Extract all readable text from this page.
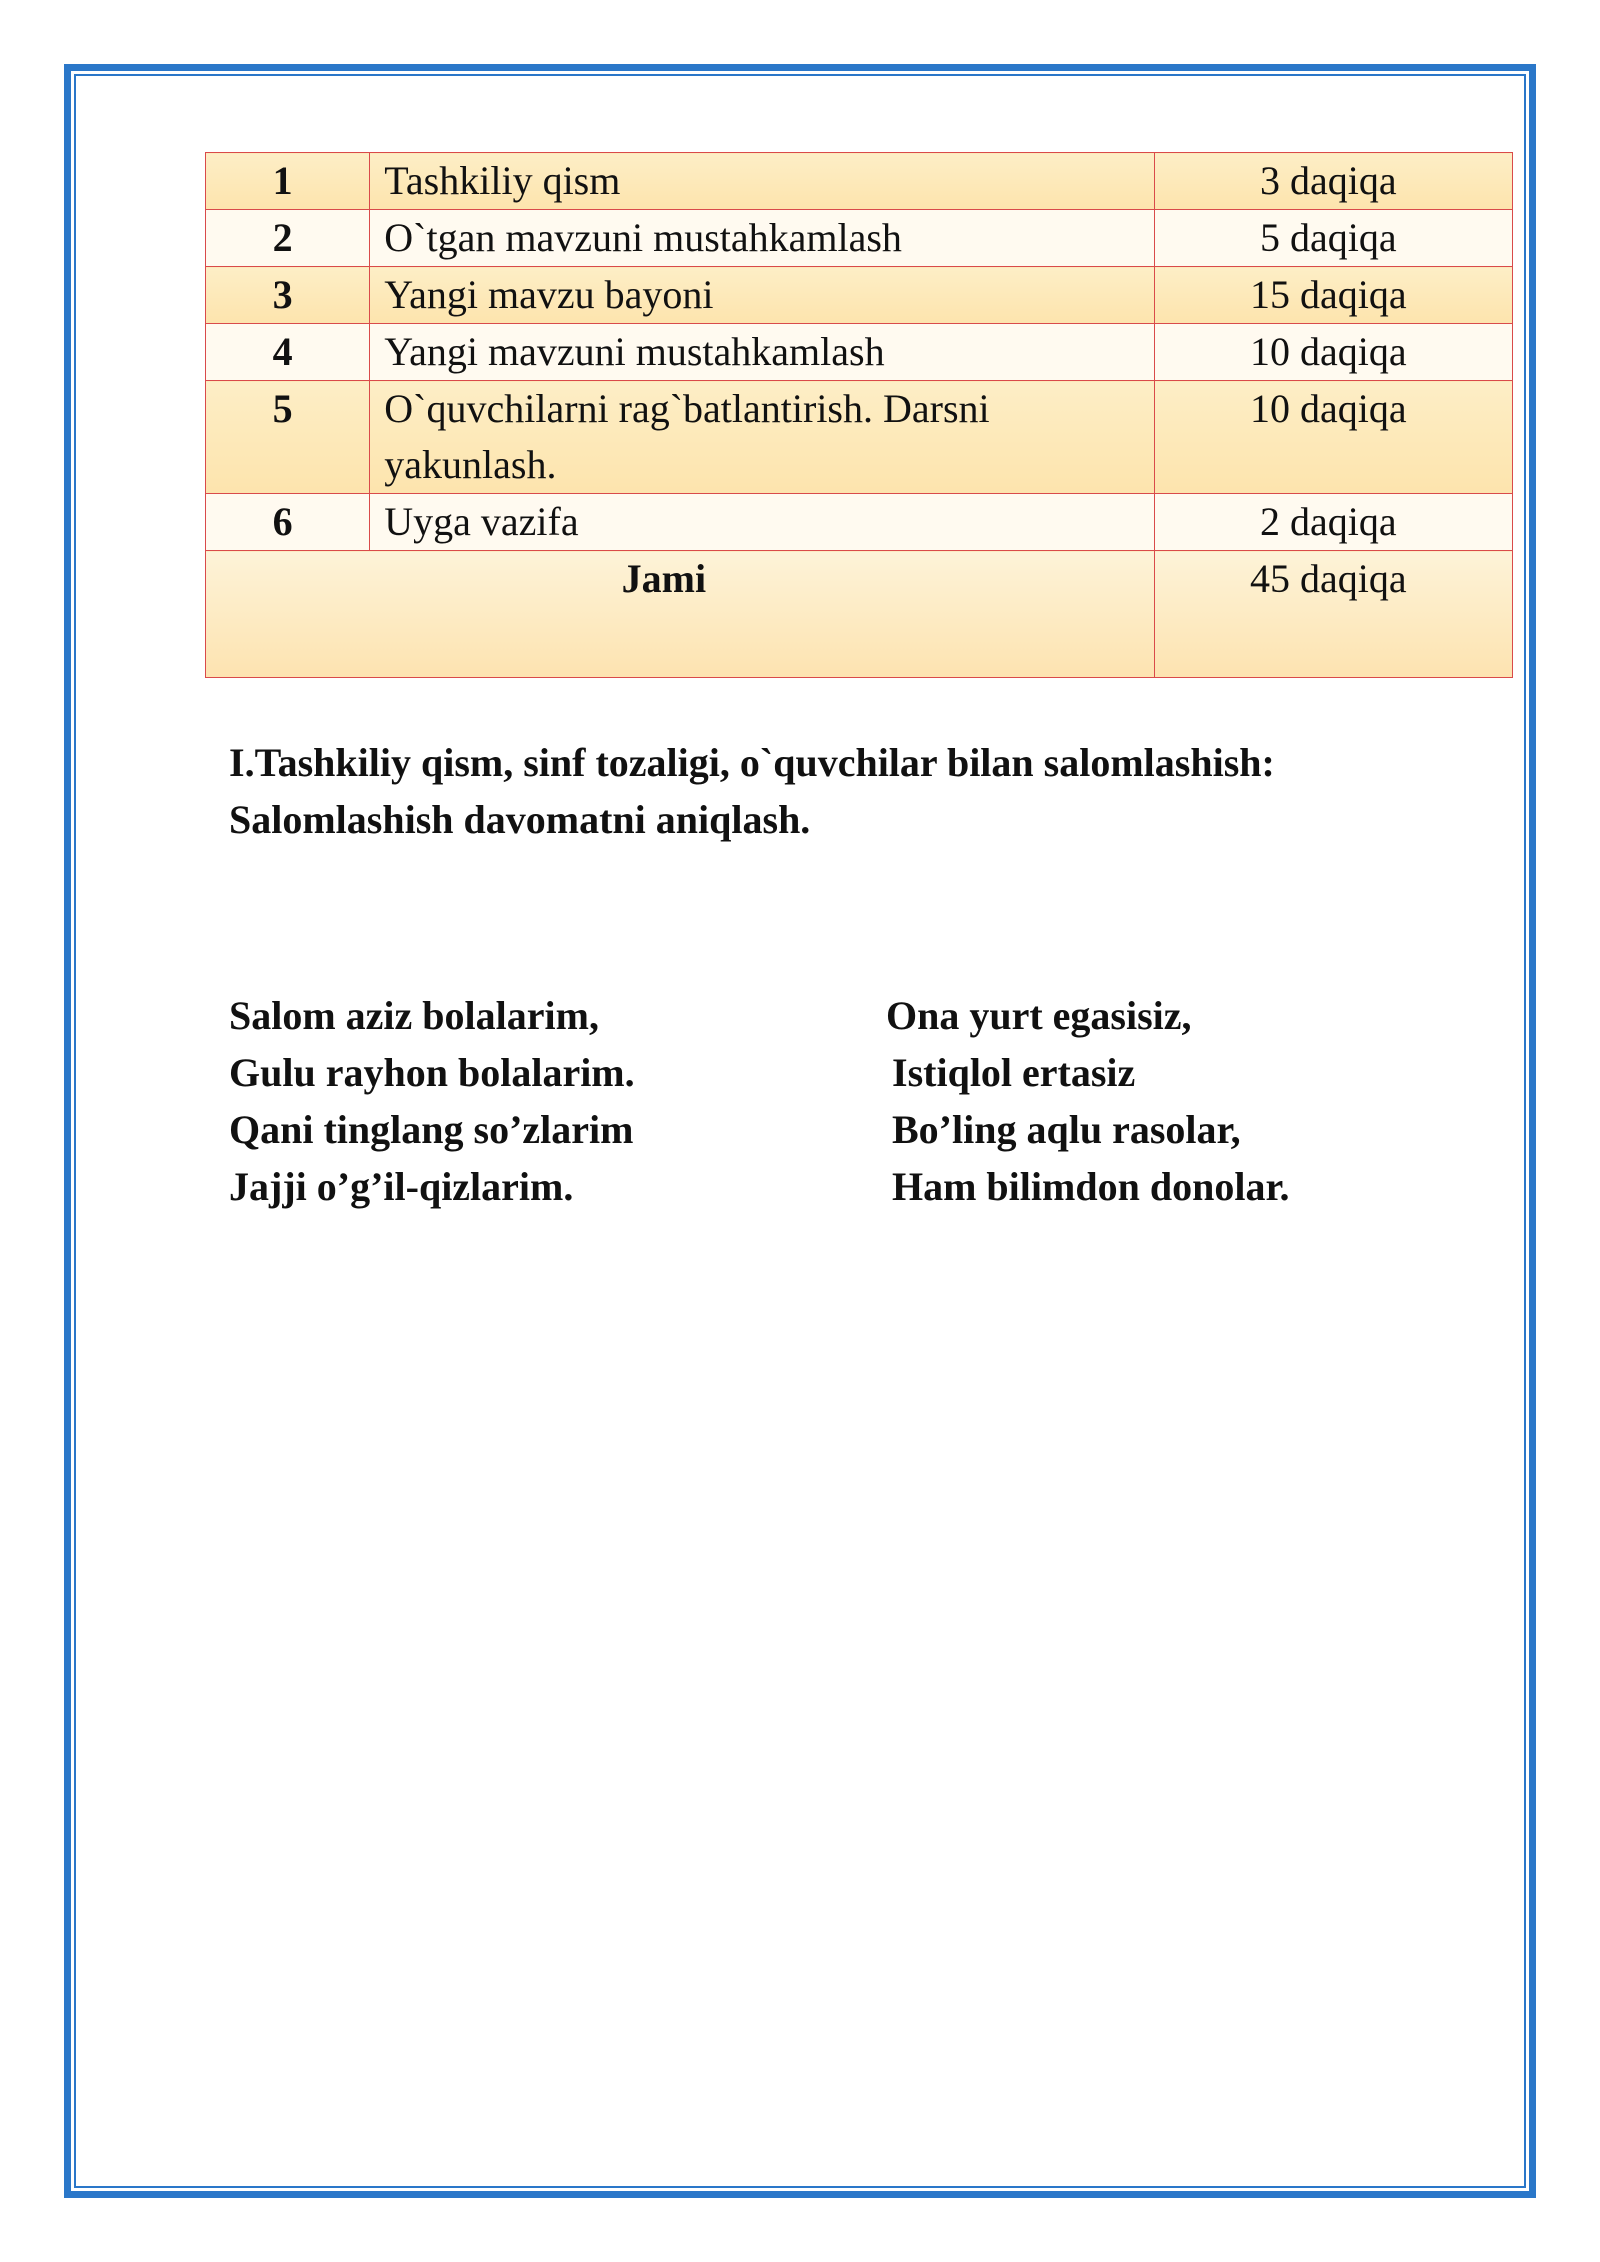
1	Tashkiliy qism	3 daqiqa
2	O`tgan mavzuni mustahkamlash	5 daqiqa
3	Yangi mavzu bayoni	15 daqiqa
4	Yangi mavzuni mustahkamlash	10 daqiqa
5	O`quvchilarni rag`batlantirish. Darsni yakunlash.	10 daqiqa
6	Uyga vazifa	2 daqiqa
Jami		45 daqiqa
I.Tashkiliy qism, sinf tozaligi, o`quvchilar bilan salomlashish:
Salomlashish davomatni aniqlash.
Salom aziz bolalarim,
Gulu rayhon bolalarim.
Qani tinglang so’zlarim
Jajji o’g’il-qizlarim.
Ona yurt egasisiz,
Istiqlol ertasiz
Bo’ling aqlu rasolar,
Ham bilimdon donolar.
